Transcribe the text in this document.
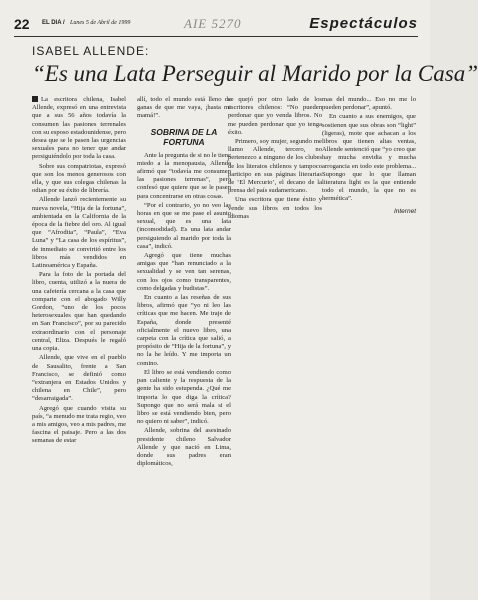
22 EL DIA / Lunes 5 de Abril de 1999	AIE 5270	Espectáculos
ISABEL ALLENDE:
“Es una Lata Perseguir al Marido por la Casa”

La escritora chilena, Isabel Allende, expresó en una entrevista que a sus 56 años todavía la consumen las pasiones terrenales con su esposo estadounidense, pero desea que se le pasen las urgencias sexuales para no tener que andar persiguiéndolo por toda la casa.

Sobre sus compatriotas, expresó que son los menos generosos con ella, y que sus colegas chilenas la odian por su éxito de librería.

Allende lanzó recientemente su nueva novela, “Hija de la fortuna”, ambientada en la California de la época de la fiebre del oro. Al igual que “Afrodita”, “Paula”, “Eva Luna” y “La casa de los espíritus”, de inmediato se convirtió entre los libros más vendidos en Latinoamérica y España.

Para la foto de la portada del libro, cuenta, utilizó a la nuera de una cafetería cercana a la casa que comparte con el abogado Willy Gordon, “uno de los pocos heterosexuales que han quedando en San Francisco”, por su parecido extraordinario con el personaje central, Eliza. Después le regaló una copia.

Allende, que vive en el pueblo de Sausalito, frente a San Francisco, se definió como “extranjera en Estados Unidos y chilena en Chile”, pero “desarraigada”.

Agregó que cuando visita su país, “a menudo me trata regio, veo a mis amigos, veo a mis padres, me fascina el paisaje. Pero a las dos semanas de estar

allí, todo el mundo está lleno de ganas de que me vaya, ¡hasta mi mamá!”.

SOBRINA DE LA FORTUNA

Ante la pregunta de si no le tiene miedo a la menopausia, Allende afirmó que “todavía me consumen las pasiones terrenas”, pero confesó que quiere que se le pasen para concentrarse en otras cosas.

“Por el contrario, yo no veo las horas en que se me pase el asunto sexual, que es una lata (incomodidad). Es una lata andar persiguiendo al marido por toda la casa”, indicó.

Agregó que tiene muchas amigas que “han renunciado a la sexualidad y se ven tan serenas, con los ojos como transparentes, como delgadas y budistas”.

En cuanto a las reseñas de sus libros, afirmó que “yo ni leo las críticas que me hacen. Me traje de España, donde presenté oficialmente el nuevo libro, una carpeta con la crítica que salió, a propósito de “Hija de la fortuna”, y no la he leído. Y me importa un comino.

El libro se está vendiendo como pan caliente y la respuesta de la gente ha sido estupenda. ¿Qué me importa lo que diga la crítica? Supongo que no será mala si el libro se está vendiendo bien, pero no quiero ni saber”, indicó.

Allende, sobrina del asesinado presidente chileno Salvador Allende y que nació en Lima, donde sus padres eran diplomáticos,

se quejó por otro lado de los escritores chilenos: “No pueden perdonar que yo venda libros. No me pueden perdonar que yo tenga éxito.

Primero, soy mujer, segundo me llamo Allende, tercero, no pertenezco a ninguno de los clubes de los literatos chilenos y tampoco participo en sus páginas literarias de ‘El Mercurio’, el decano de la prensa del país sudamericano.

Una escritora que tiene éxito y vende sus libros en todos los idiomas

mas del mundo... Eso no me lo pueden perdonar”, apuntó.

En cuanto a sus enemigos, que sostienen que sus obras son “light” (ligeras), mote que achacan a los libros que tienen altas ventas, Allende sentenció que “yo creo que hay mucha envidia y mucha arrogancia en todo este problema... Supongo que lo que llaman literatura light es la que entiende todo el mundo, la que no es hermética”.

Internet
